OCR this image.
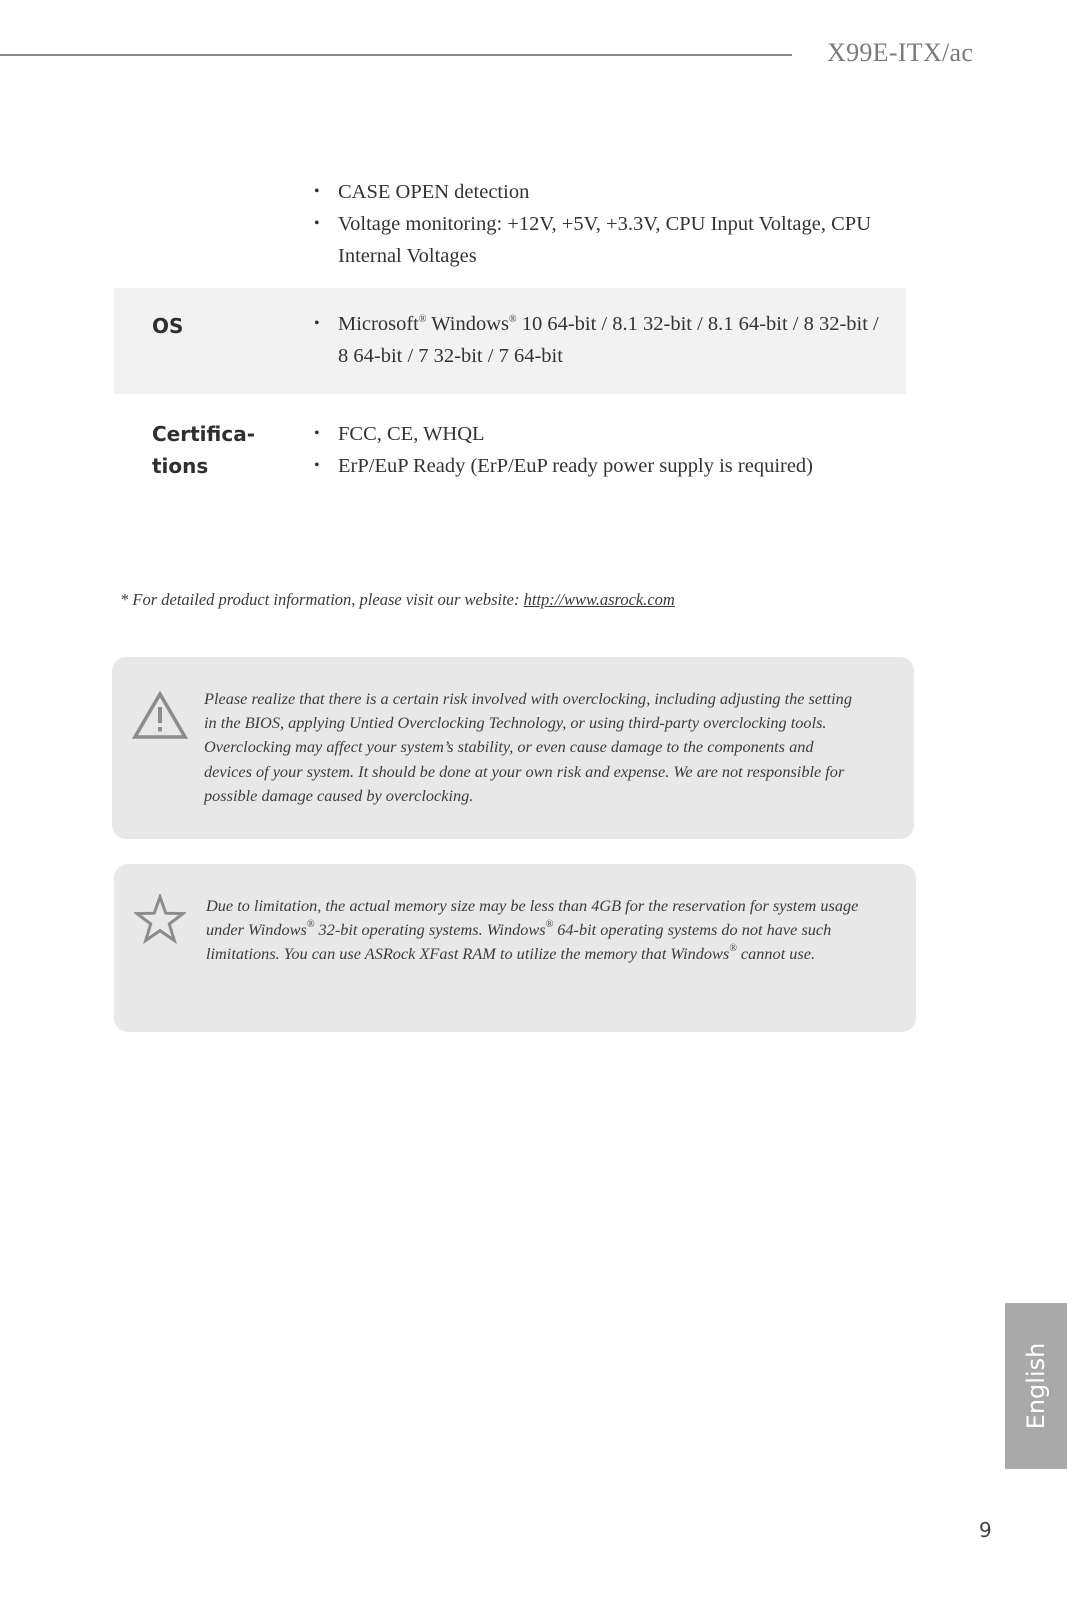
X99E-ITX/ac
• CASE OPEN detection
• Voltage monitoring: +12V, +5V, +3.3V, CPU Input Voltage, CPU Internal Voltages
OS
•	Microsoft® Windows® 10 64-bit / 8.1 32-bit / 8.1 64-bit / 8 32-bit / 8 64-bit / 7 32-bit / 7 64-bit
Certifica-
tions
• FCC, CE, WHQL
• ErP/EuP Ready (ErP/EuP ready power supply is required)
* For detailed product information, please visit our website: http://www.asrock.com
Please realize that there is a certain risk involved with overclocking, including adjusting the setting in the BIOS, applying Untied Overclocking Technology, or using third-party overclocking tools. Overclocking may affect your system’s stability, or even cause damage to the components and devices of your system. It should be done at your own risk and expense. We are not responsible for possible damage caused by overclocking.
Due to limitation, the actual memory size may be less than 4GB for the reservation for system usage under Windows® 32-bit operating systems. Windows® 64-bit operating systems do not have such limitations. You can use ASRock XFast RAM to utilize the memory that Windows® cannot use.
English
9
